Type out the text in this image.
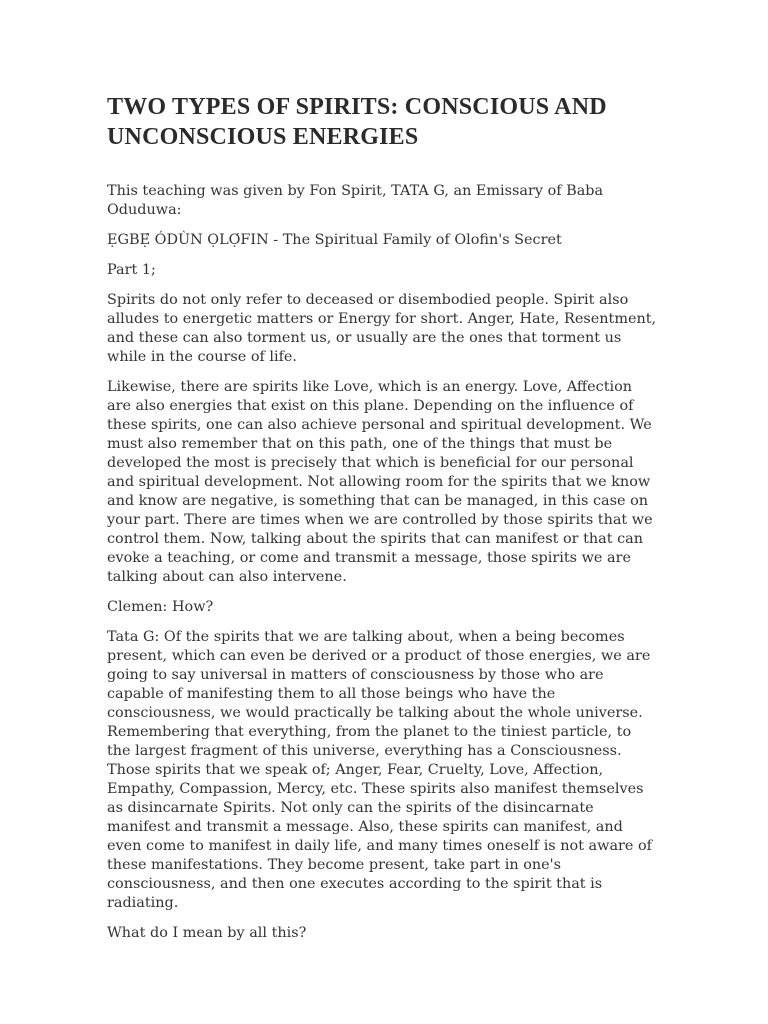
TWO TYPES OF SPIRITS: CONSCIOUS AND UNCONSCIOUS ENERGIES

This teaching was given by Fon Spirit, TATA G, an Emissary of Baba Oduduwa:

ẸGBẸ́ ÓDÙN ỌLỌ́FIN - The Spiritual Family of Olofin's Secret

Part 1;

Spirits do not only refer to deceased or disembodied people. Spirit also alludes to energetic matters or Energy for short. Anger, Hate, Resentment, and these can also torment us, or usually are the ones that torment us while in the course of life.

Likewise, there are spirits like Love, which is an energy. Love, Affection are also energies that exist on this plane. Depending on the influence of these spirits, one can also achieve personal and spiritual development. We must also remember that on this path, one of the things that must be developed the most is precisely that which is beneficial for our personal and spiritual development. Not allowing room for the spirits that we know and know are negative, is something that can be managed, in this case on your part. There are times when we are controlled by those spirits that we control them. Now, talking about the spirits that can manifest or that can evoke a teaching, or come and transmit a message, those spirits we are talking about can also intervene.

Clemen: How?

Tata G: Of the spirits that we are talking about, when a being becomes present, which can even be derived or a product of those energies, we are going to say universal in matters of consciousness by those who are capable of manifesting them to all those beings who have the consciousness, we would practically be talking about the whole universe. Remembering that everything, from the planet to the tiniest particle, to the largest fragment of this universe, everything has a Consciousness. Those spirits that we speak of; Anger, Fear, Cruelty, Love, Affection, Empathy, Compassion, Mercy, etc. These spirits also manifest themselves as disincarnate Spirits. Not only can the spirits of the disincarnate manifest and transmit a message. Also, these spirits can manifest, and even come to manifest in daily life, and many times oneself is not aware of these manifestations. They become present, take part in one's consciousness, and then one executes according to the spirit that is radiating.

What do I mean by all this?
